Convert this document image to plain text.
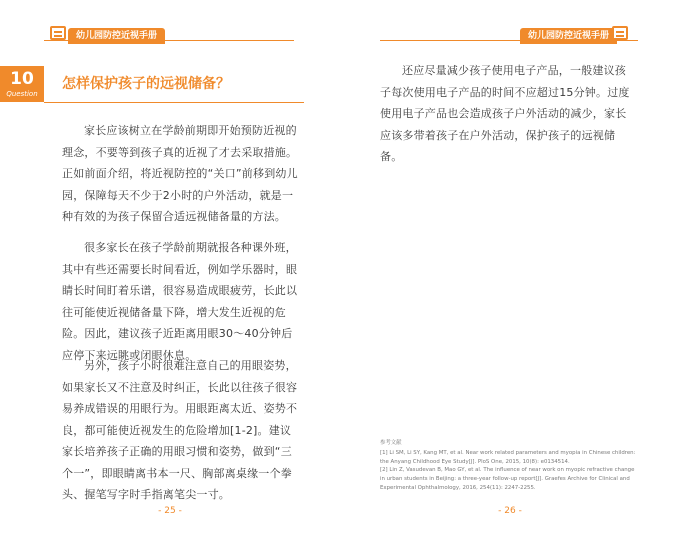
幼儿园防控近视手册
10
Question
怎样保护孩子的远视储备？
家长应该树立在学龄前期即开始预防近视的理念，不要等到孩子真的近视了才去采取措施。正如前面介绍，将近视防控的“关口”前移到幼儿园，保障每天不少于2小时的户外活动，就是一种有效的为孩子保留合适远视储备量的方法。
很多家长在孩子学龄前期就报各种课外班，其中有些还需要长时间看近，例如学乐器时，眼睛长时间盯着乐谱，很容易造成眼疲劳，长此以往可能使近视储备量下降，增大发生近视的危险。因此，建议孩子近距离用眼30～40分钟后应停下来远眺或闭眼休息。
另外，孩子小时很难注意自己的用眼姿势，如果家长又不注意及时纠正，长此以往孩子很容易养成错误的用眼行为。用眼距离太近、姿势不良，都可能使近视发生的危险增加[1-2]。建议家长培养孩子正确的用眼习惯和姿势，做到“三个一”，即眼睛离书本一尺、胸部离桌缘一个拳头、握笔写字时手指离笔尖一寸。
- 25 -
幼儿园防控近视手册
还应尽量减少孩子使用电子产品，一般建议孩子每次使用电子产品的时间不应超过15分钟。过度使用电子产品也会造成孩子户外活动的减少，家长应该多带着孩子在户外活动，保护孩子的远视储备。
参考文献
[1] Li SM, Li SY, Kang MT, et al. Near work related parameters and myopia in Chinese children: the Anyang Childhood Eye Study[J]. PloS One, 2015, 10(8): e0134514.
[2] Lin Z, Vasudevan B, Mao GY, et al. The influence of near work on myopic refractive change in urban students in Beijing: a three-year follow-up report[J]. Graefes Archive for Clinical and Experimental Ophthalmology, 2016, 254(11): 2247-2255.
- 26 -
